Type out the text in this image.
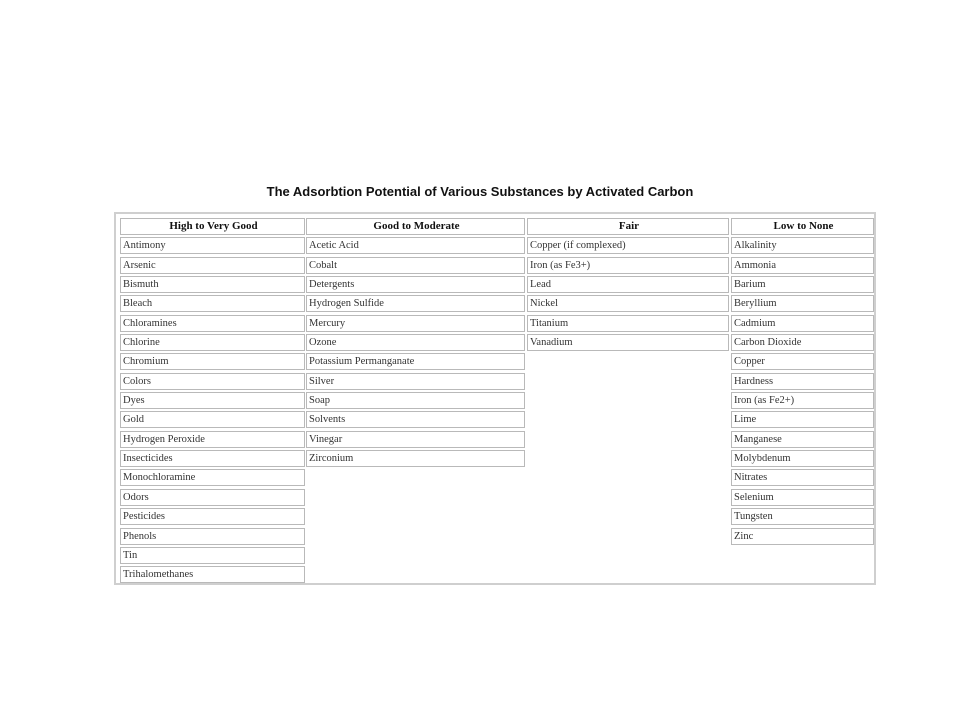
The Adsorbtion Potential of Various Substances by Activated Carbon
High to Very Good
Antimony
Arsenic
Bismuth
Bleach
Chloramines
Chlorine
Chromium
Colors
Dyes
Gold
Hydrogen Peroxide
Insecticides
Monochloramine
Odors
Pesticides
Phenols
Tin
Trihalomethanes
Good to Moderate
Acetic Acid
Cobalt
Detergents
Hydrogen Sulfide
Mercury
Ozone
Potassium Permanganate
Silver
Soap
Solvents
Vinegar
Zirconium
Fair
Copper (if complexed)
Iron (as Fe3+)
Lead
Nickel
Titanium
Vanadium
Low to None
Alkalinity
Ammonia
Barium
Beryllium
Cadmium
Carbon Dioxide
Copper
Hardness
Iron (as Fe2+)
Lime
Manganese
Molybdenum
Nitrates
Selenium
Tungsten
Zinc
